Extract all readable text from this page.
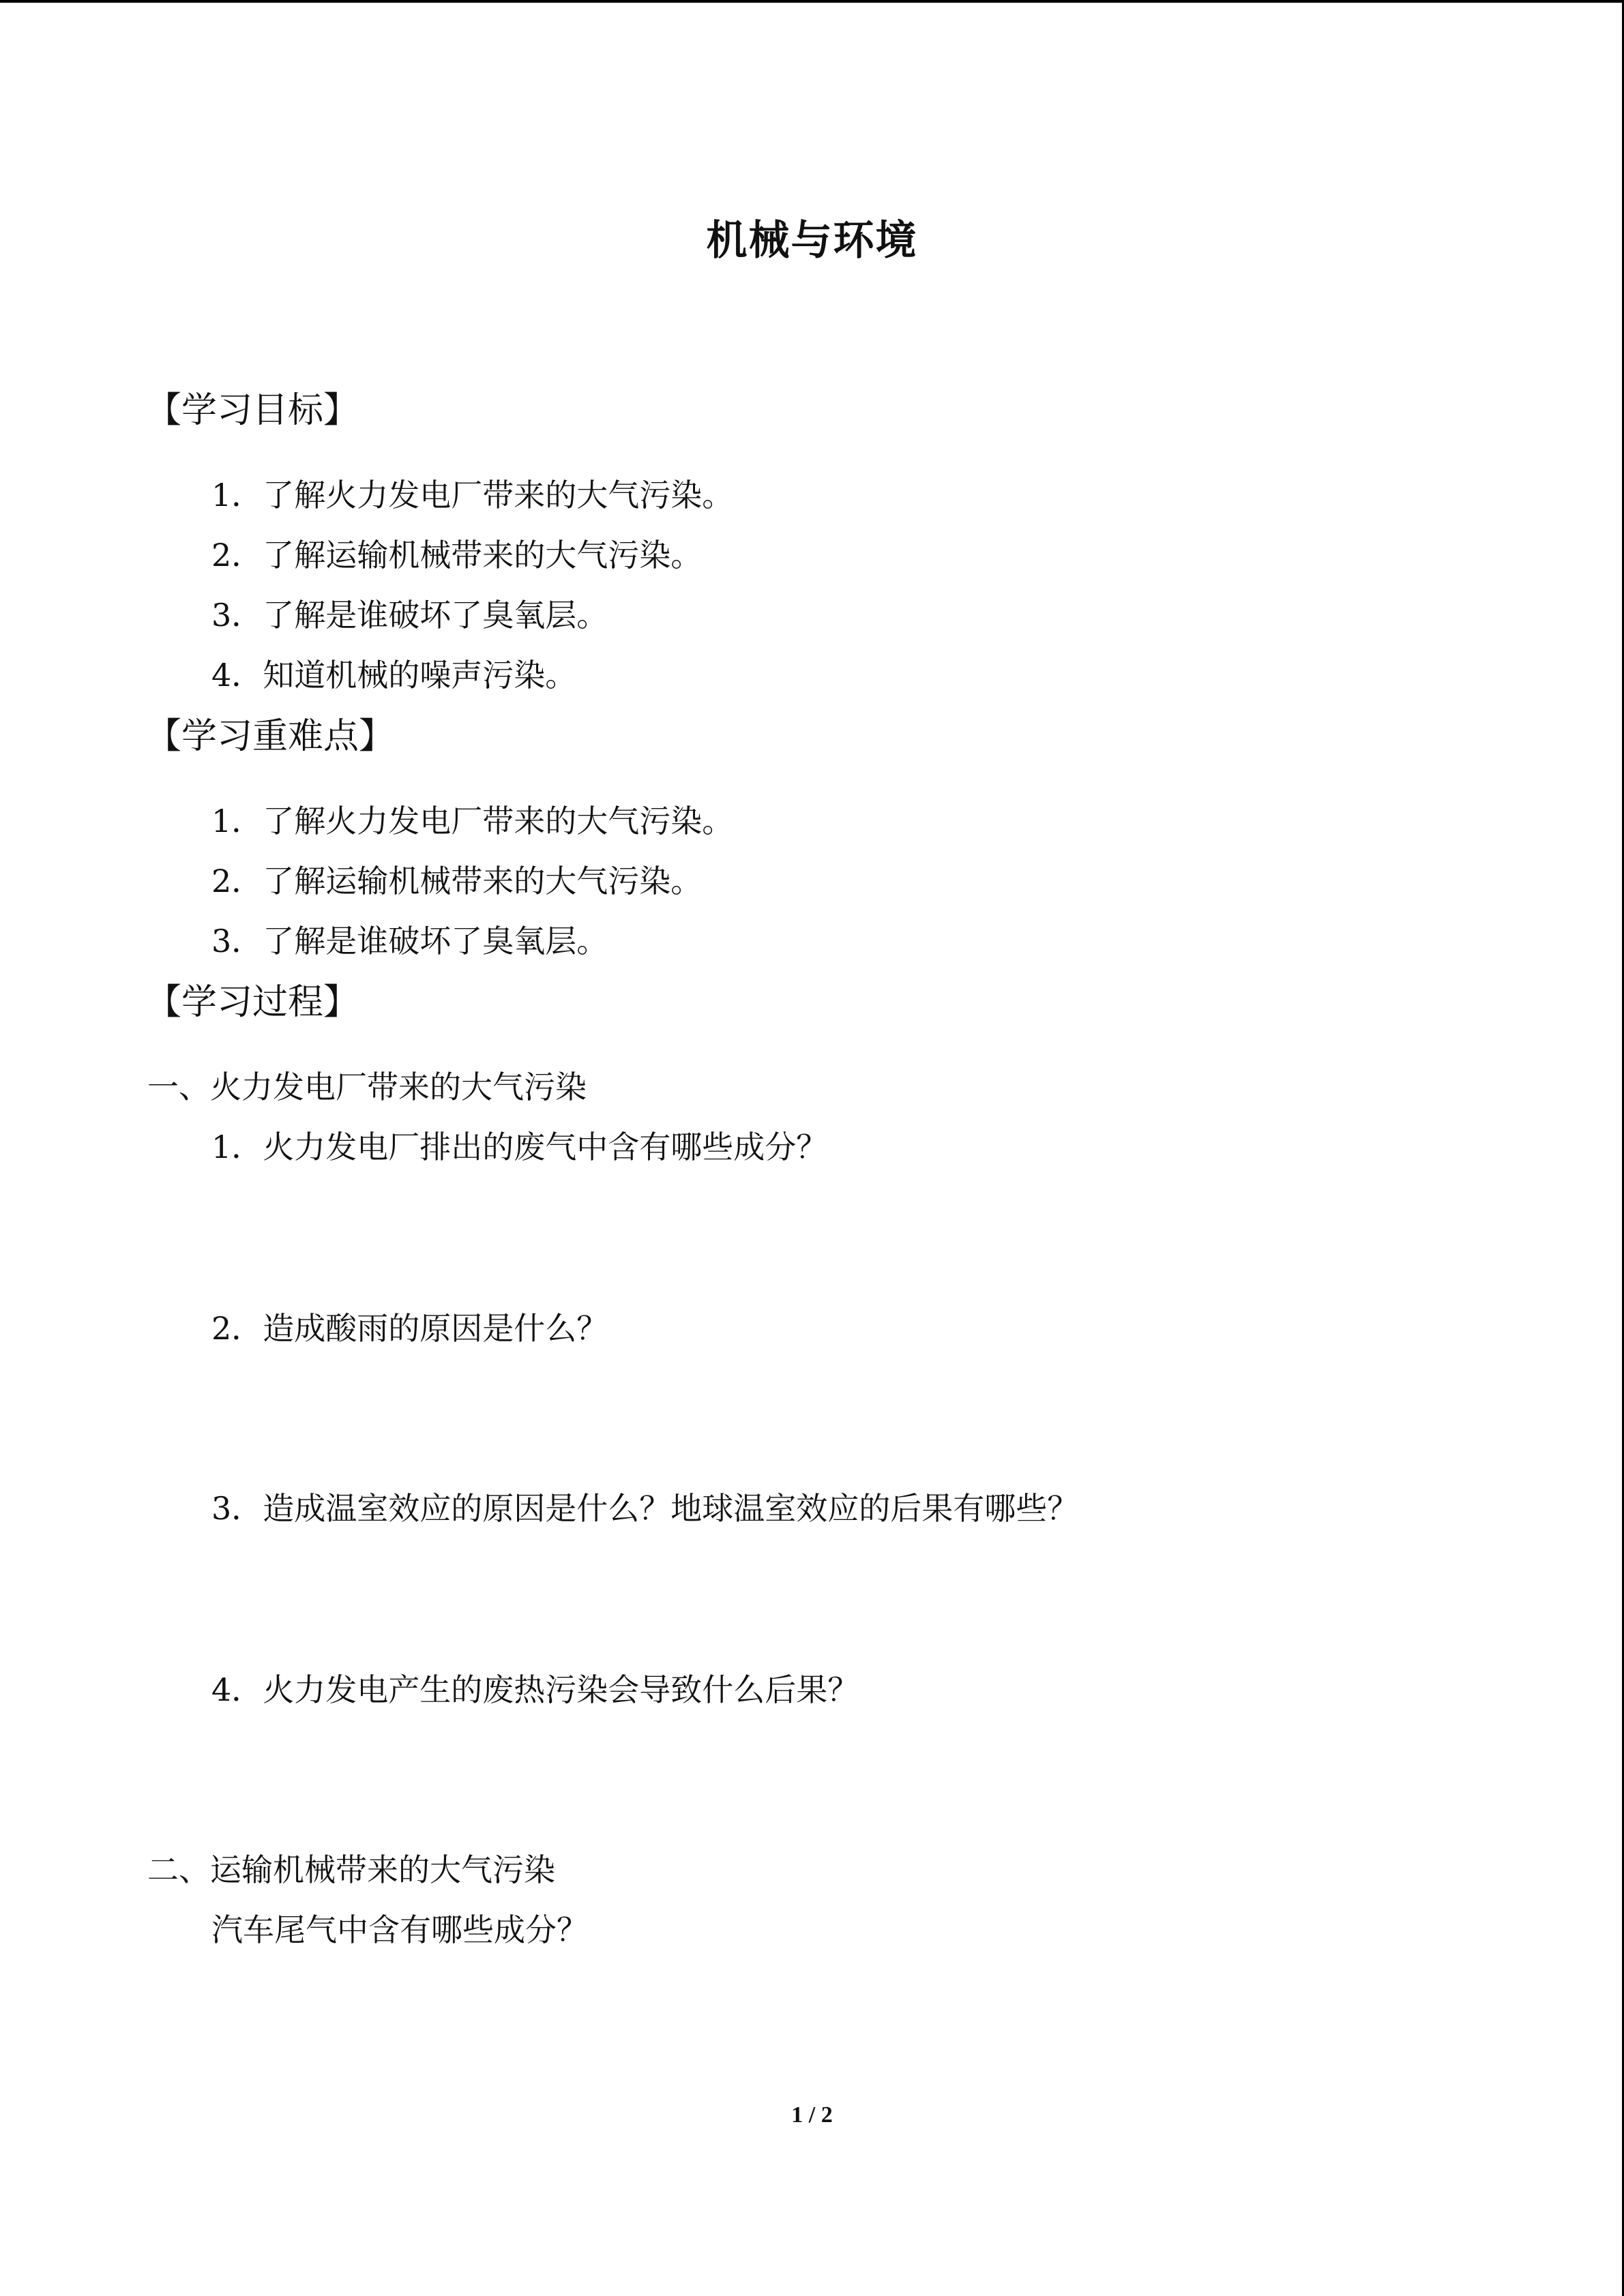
机械与环境
【学习目标】
1．了解火力发电厂带来的大气污染。
2．了解运输机械带来的大气污染。
3．了解是谁破坏了臭氧层。
4．知道机械的噪声污染。
【学习重难点】
1．了解火力发电厂带来的大气污染。
2．了解运输机械带来的大气污染。
3．了解是谁破坏了臭氧层。
【学习过程】
一、火力发电厂带来的大气污染
1．火力发电厂排出的废气中含有哪些成分？
2．造成酸雨的原因是什么？
3．造成温室效应的原因是什么？地球温室效应的后果有哪些？
4．火力发电产生的废热污染会导致什么后果？
二、运输机械带来的大气污染
汽车尾气中含有哪些成分？
1 / 2
